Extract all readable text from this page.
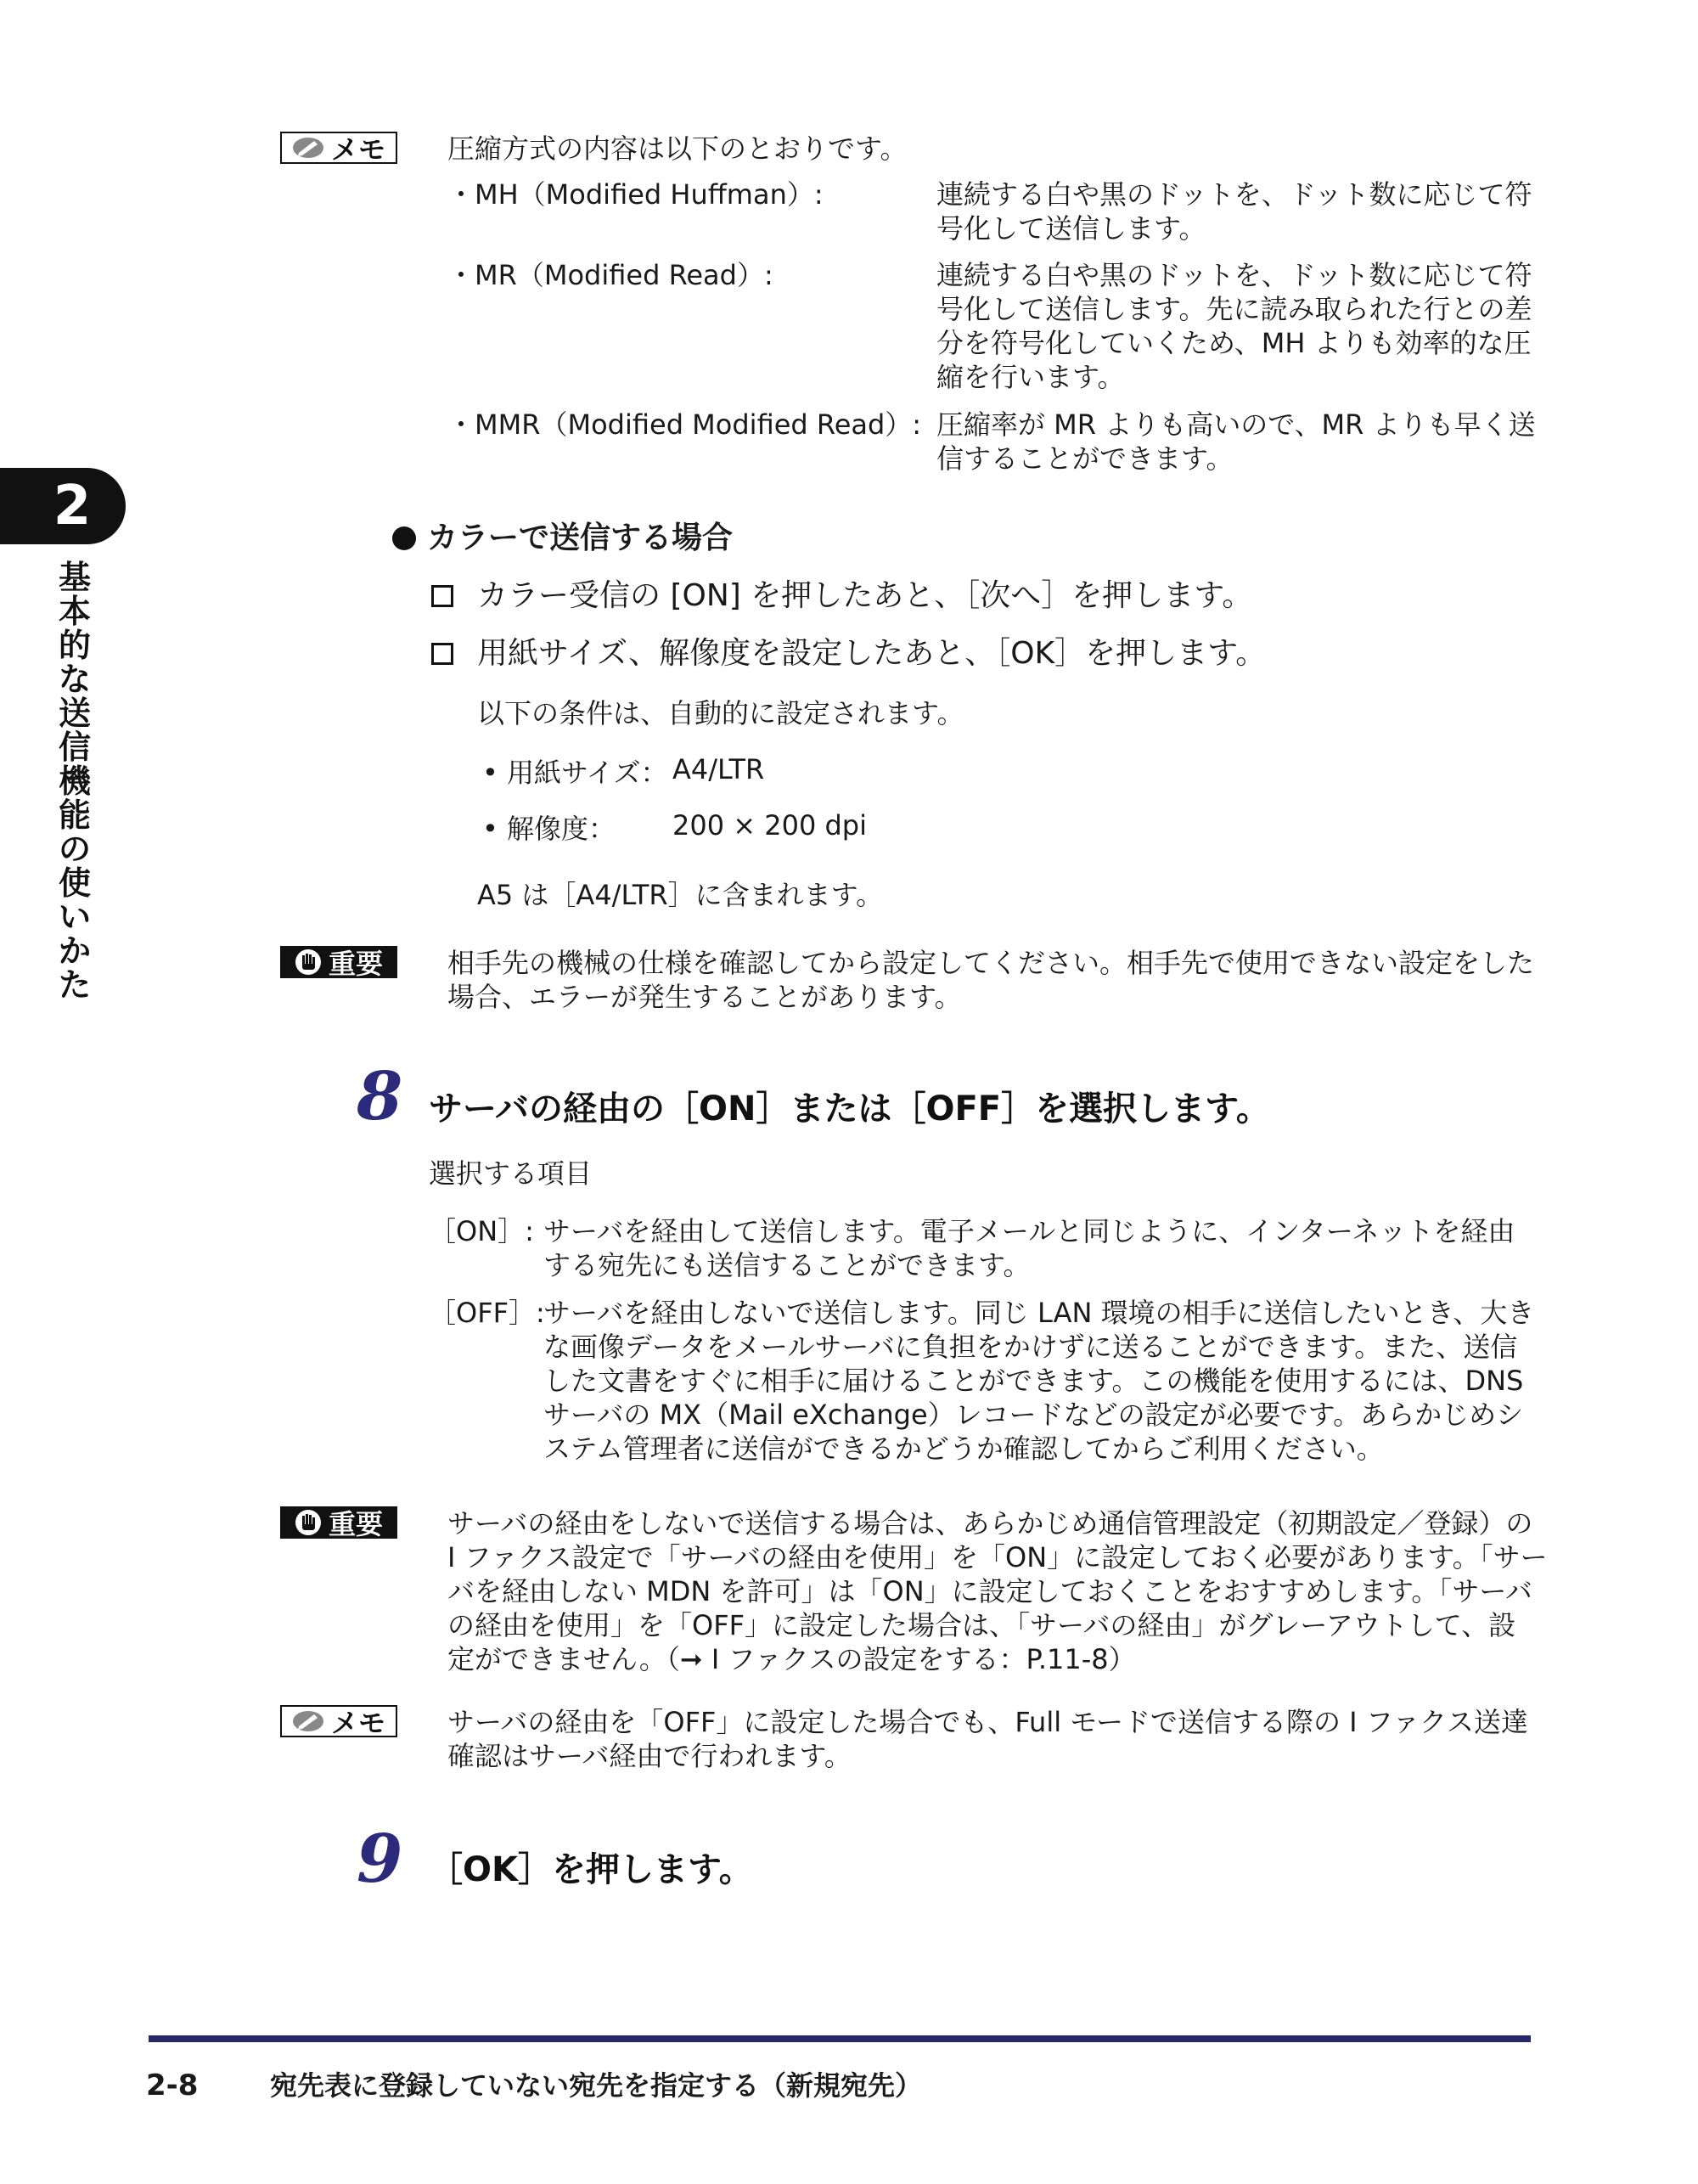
2
基
本
的
な
送
信
機
能
の
使
い
か
た
メモ 圧縮方式の内容は以下のとおりです。
・MH（Modified Huffman）:	連続する白や黒のドットを、ドット数に応じて符
号化して送信します。
・MR（Modified Read）:	連続する白や黒のドットを、ドット数に応じて符
号化して送信します。先に読み取られた行との差
分を符号化していくため、MH よりも効率的な圧
縮を行います。
・MMR（Modified Modified Read）: 圧縮率が MR よりも高いので、MR よりも早く送
信することができます。
カラーで送信する場合
カラー受信の [ON] を押したあと、［次へ］を押します。
用紙サイズ、解像度を設定したあと、［OK］を押します。
以下の条件は、自動的に設定されます。
• 用紙サイズ： A4/LTR
• 解像度： 200 × 200 dpi
A5 は［A4/LTR］に含まれます。
重要 相手先の機械の仕様を確認してから設定してください。相手先で使用できない設定をした
場合、エラーが発生することがあります。
8 サーバの経由の［ON］または［OFF］を選択します。
選択する項目
［ON］: サーバを経由して送信します。電子メールと同じように、インターネットを経由
する宛先にも送信することができます。
［OFF］:
サーバを経由しないで送信します。同じ LAN 環境の相手に送信したいとき、大き
な画像データをメールサーバに負担をかけずに送ることができます。また、送信
した文書をすぐに相手に届けることができます。この機能を使用するには、DNS
サーバの MX（Mail eXchange）レコードなどの設定が必要です。あらかじめシ
ステム管理者に送信ができるかどうか確認してからご利用ください。
重要 サーバの経由をしないで送信する場合は、あらかじめ通信管理設定（初期設定／登録）の
I ファクス設定で「サーバの経由を使用」を「ON」に設定しておく必要があります。「サー
バを経由しない MDN を許可」は「ON」に設定しておくことをおすすめします。「サーバ
の経由を使用」を「OFF」に設定した場合は、「サーバの経由」がグレーアウトして、設
定ができません。（➞ I ファクスの設定をする：P.11-8）
メモ サーバの経由を「OFF」に設定した場合でも、Full モードで送信する際の I ファクス送達
確認はサーバ経由で行われます。
9 ［OK］を押します。
2-8	宛先表に登録していない宛先を指定する（新規宛先）
